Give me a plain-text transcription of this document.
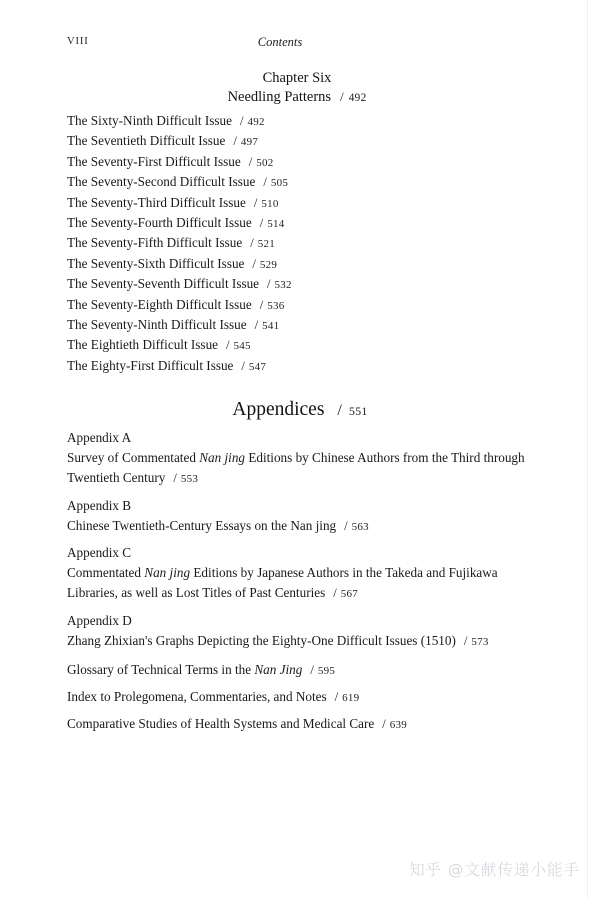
VIII	Contents
Chapter Six
Needling Patterns / 492
The Sixty-Ninth Difficult Issue / 492
The Seventieth Difficult Issue / 497
The Seventy-First Difficult Issue / 502
The Seventy-Second Difficult Issue / 505
The Seventy-Third Difficult Issue / 510
The Seventy-Fourth Difficult Issue / 514
The Seventy-Fifth Difficult Issue / 521
The Seventy-Sixth Difficult Issue / 529
The Seventy-Seventh Difficult Issue / 532
The Seventy-Eighth Difficult Issue / 536
The Seventy-Ninth Difficult Issue / 541
The Eightieth Difficult Issue / 545
The Eighty-First Difficult Issue / 547
Appendices / 551
Appendix A
Survey of Commentated Nan jing Editions by Chinese Authors from the Third through Twentieth Century / 553
Appendix B
Chinese Twentieth-Century Essays on the Nan jing / 563
Appendix C
Commentated Nan jing Editions by Japanese Authors in the Takeda and Fujikawa Libraries, as well as Lost Titles of Past Centuries / 567
Appendix D
Zhang Zhixian's Graphs Depicting the Eighty-One Difficult Issues (1510) / 573
Glossary of Technical Terms in the Nan Jing / 595
Index to Prolegomena, Commentaries, and Notes / 619
Comparative Studies of Health Systems and Medical Care / 639
知乎 @文献传递小能手
